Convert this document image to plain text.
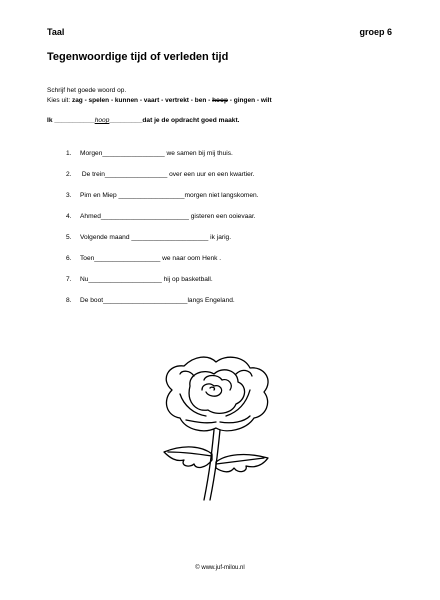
Taal	groep 6
Tegenwoordige tijd of verleden tijd
Schrijf het goede woord op.
Kies uit: zag - spelen - kunnen - vaart - vertrekt - ben - hoop - gingen - wilt
Ik ___________hoop_________dat je de opdracht goed maakt.
1. Morgen_________________ we samen bij mij thuis.
2. De trein_________________ over een uur en een kwartier.
3. Pim en Miep __________________morgen niet langskomen.
4. Ahmed________________________ gisteren een ooievaar.
5. Volgende maand _____________________ ik jarig.
6. Toen__________________ we naar oom Henk .
7. Nu____________________ hij op basketball.
8. De boot_______________________langs Engeland.
© www.juf-milou.nl
